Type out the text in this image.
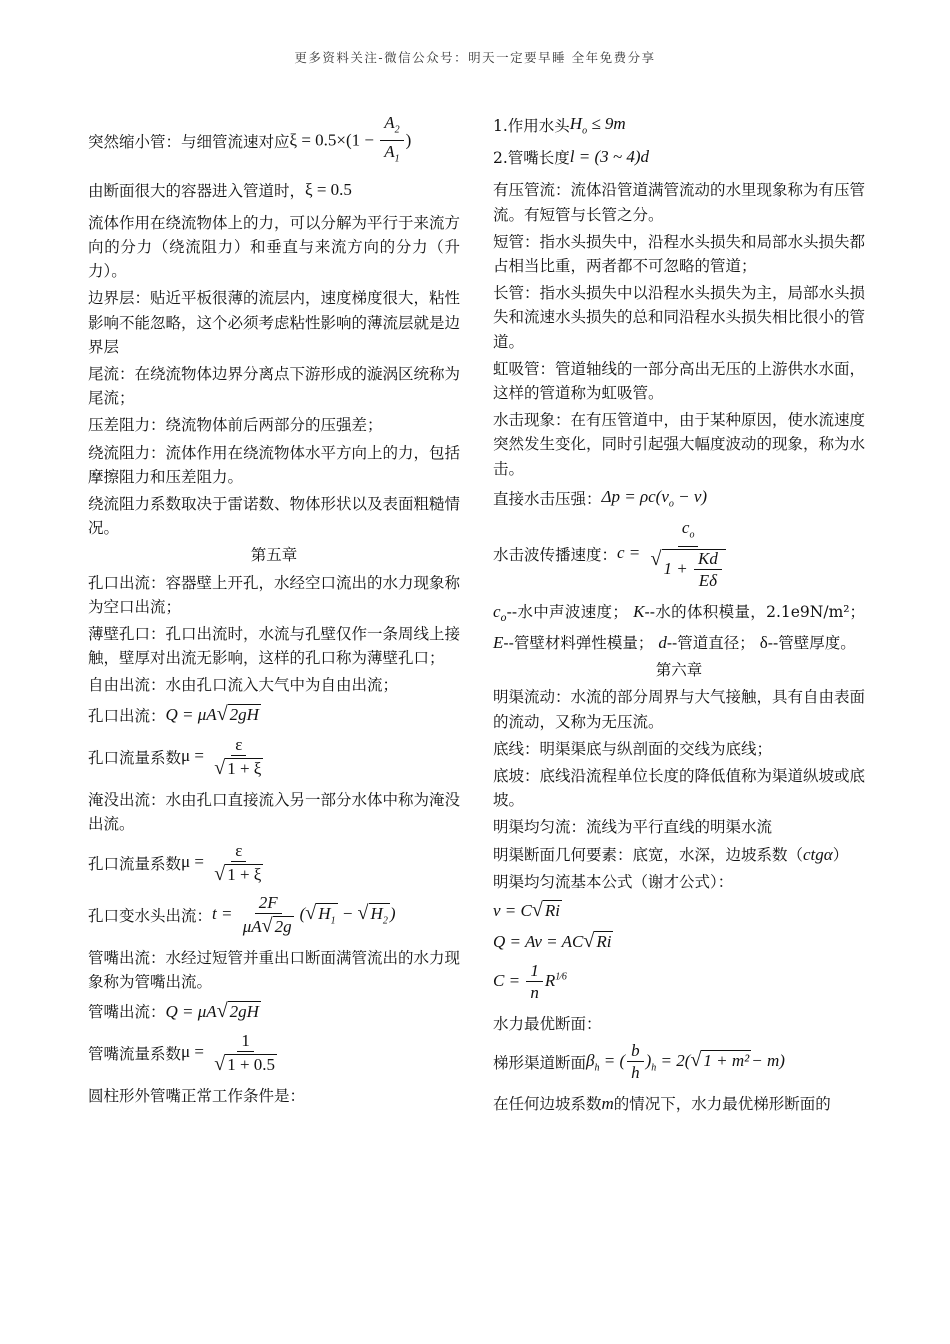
更多资料关注-微信公众号：明天一定要早睡 全年免费分享
突然缩小管：与细管流速对应 $\xi = 0.5\times(1 - \frac{A_2}{A_1}$ )
由断面很大的容器进入管道时， ξ = 0.5

流体作用在绕流物体上的力，可以分解为平行于来流方向的分力（绕流阻力）和垂直与来流方向的分力（升力）。

边界层：贴近平板很薄的流层内，速度梯度很大，粘性影响不能忽略，这个必须考虑粘性影响的薄流层就是边界层

尾流：在绕流物体边界分离点下游形成的漩涡区统称为尾流；

压差阻力：绕流物体前后两部分的压强差；

绕流阻力：流体作用在绕流物体水平方向上的力，包括摩擦阻力和压差阻力。

绕流阻力系数取决于雷诺数、物体形状以及表面粗糙情况。

第五章

孔口出流：容器壁上开孔，水经空口流出的水力现象称为空口出流；

薄壁孔口：孔口出流时，水流与孔壁仅作一条周线上接触，壁厚对出流无影响，这样的孔口称为薄壁孔口；

自由出流：水由孔口流入大气中为自由出流；

孔口出流： Q = μA √ 2gH
孔口流量系数 $\mu = \frac{\varepsilon}{√ 1 + \xi}$

淹没出流：水由孔口直接流入另一部分水体中称为淹没出流。

孔口流量系数 $\mu = \frac{\varepsilon}{√ 1 + \xi}$
孔口变水头出流： $t = \frac{2F}{\mu A √ 2g}$ ( √ $H_1$ − √ $H_2$ )

管嘴出流：水经过短管并重出口断面满管流出的水力现象称为管嘴出流。

管嘴出流： Q = μA √ 2gH
管嘴流量系数 $\mu = \frac{1}{√ 1 + 0.5}$

圆柱形外管嘴正常工作条件是：

1.作用水头 $H_o \le 9m$
2.管嘴长度 l = (3 ~ 4)d

有压管流：流体沿管道满管流动的水里现象称为有压管流。有短管与长管之分。

短管：指水头损失中，沿程水头损失和局部水头损失都占相当比重，两者都不可忽略的管道；

长管：指水头损失中以沿程水头损失为主，局部水头损失和流速水头损失的总和同沿程水头损失相比很小的管道。

虹吸管：管道轴线的一部分高出无压的上游供水水面，这样的管道称为虹吸管。

水击现象：在有压管道中，由于某种原因，使水流速度突然发生变化，同时引起强大幅度波动的现象，称为水击。

直接水击压强： $\Delta p = \rho c(v_o - v)$
水击波传播速度： $c = \frac{c_o}{√ 1 + \frac{Kd}{E\delta}}$

$c_o--$水中声波速度； K--水的体积模量，2.1e9N/m²； E--管壁材料弹性模量； d--管道直径； δ--管壁厚度。

第六章

明渠流动：水流的部分周界与大气接触，具有自由表面的流动，又称为无压流。

底线：明渠渠底与纵剖面的交线为底线；

底坡：底线沿流程单位长度的降低值称为渠道纵坡或底坡。

明渠均匀流：流线为平行直线的明渠水流

明渠断面几何要素：底宽，水深，边坡系数（ctgα）

明渠均匀流基本公式（谢才公式）：

v = C √ Ri
Q = Av = AC √ Ri
$C = \frac{1}{n} R^{1⁄6}$

水力最优断面：

梯形渠道断面 $\beta_h$ = ( $\frac{b}{h} )_h = 2$( √ 1 + m² − m)

在任何边坡系数m的情况下，水力最优梯形断面的
